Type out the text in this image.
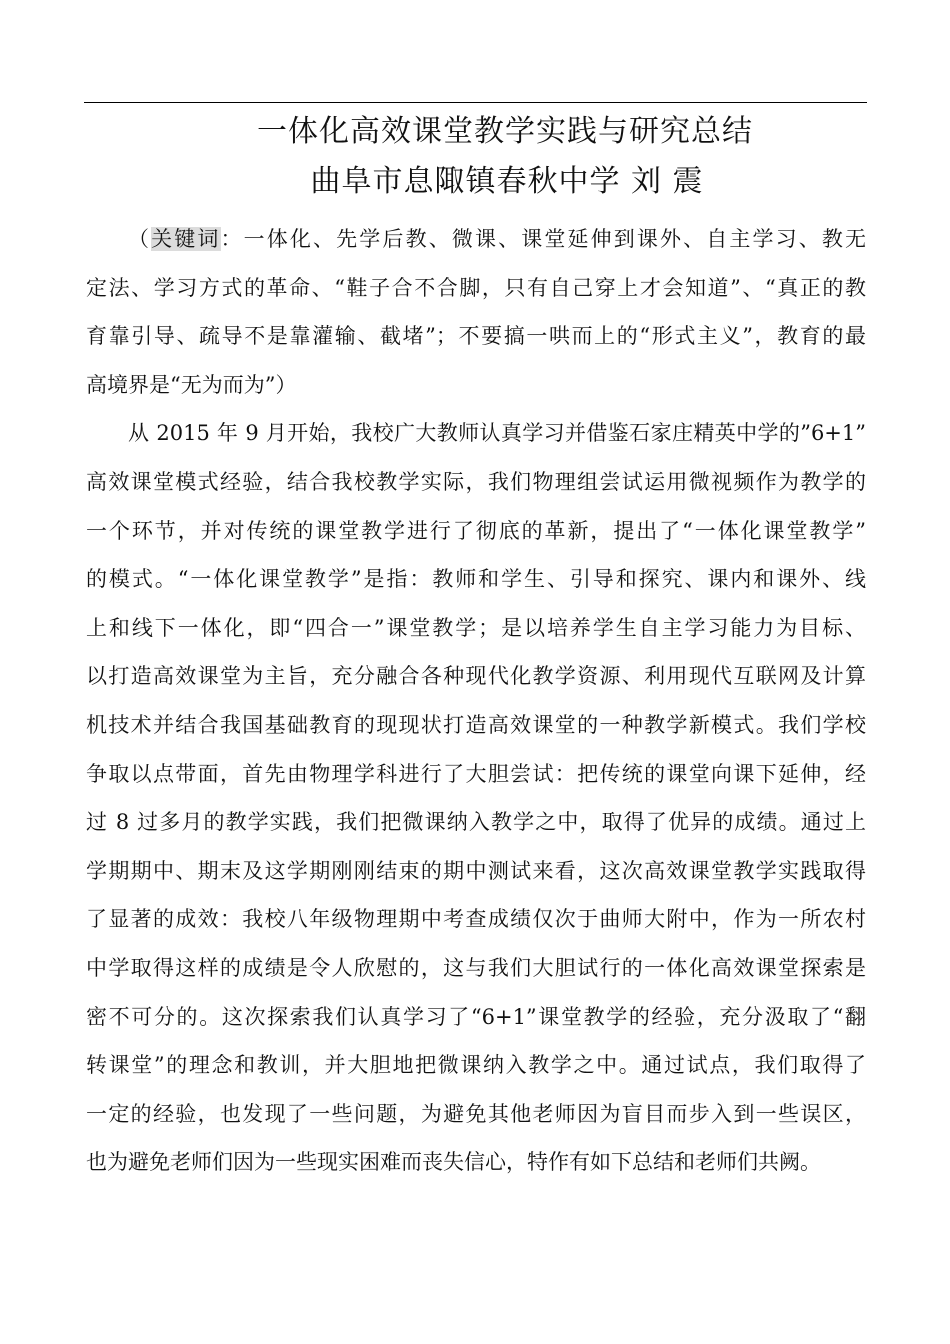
一体化高效课堂教学实践与研究总结
曲阜市息陬镇春秋中学 刘 震
（关键词：一体化、先学后教、微课、课堂延伸到课外、自主学习、教无
定法、学习方式的革命、“鞋子合不合脚，只有自己穿上才会知道”、“真正的教
育靠引导、疏导不是靠灌输、截堵”；不要搞一哄而上的“形式主义”，教育的最
高境界是“无为而为”）
从 2015 年 9 月开始，我校广大教师认真学习并借鉴石家庄精英中学的”6+1”
高效课堂模式经验，结合我校教学实际，我们物理组尝试运用微视频作为教学的
一个环节，并对传统的课堂教学进行了彻底的革新，提出了“一体化课堂教学”
的模式。“一体化课堂教学”是指：教师和学生、引导和探究、课内和课外、线
上和线下一体化，即“四合一”课堂教学；是以培养学生自主学习能力为目标、
以打造高效课堂为主旨，充分融合各种现代化教学资源、利用现代互联网及计算
机技术并结合我国基础教育的现现状打造高效课堂的一种教学新模式。我们学校
争取以点带面，首先由物理学科进行了大胆尝试：把传统的课堂向课下延伸，经
过 8 过多月的教学实践，我们把微课纳入教学之中，取得了优异的成绩。通过上
学期期中、期末及这学期刚刚结束的期中测试来看，这次高效课堂教学实践取得
了显著的成效：我校八年级物理期中考查成绩仅次于曲师大附中，作为一所农村
中学取得这样的成绩是令人欣慰的，这与我们大胆试行的一体化高效课堂探索是
密不可分的。这次探索我们认真学习了“6+1”课堂教学的经验，充分汲取了“翻
转课堂”的理念和教训，并大胆地把微课纳入教学之中。通过试点，我们取得了
一定的经验，也发现了一些问题，为避免其他老师因为盲目而步入到一些误区，
也为避免老师们因为一些现实困难而丧失信心，特作有如下总结和老师们共阙。
